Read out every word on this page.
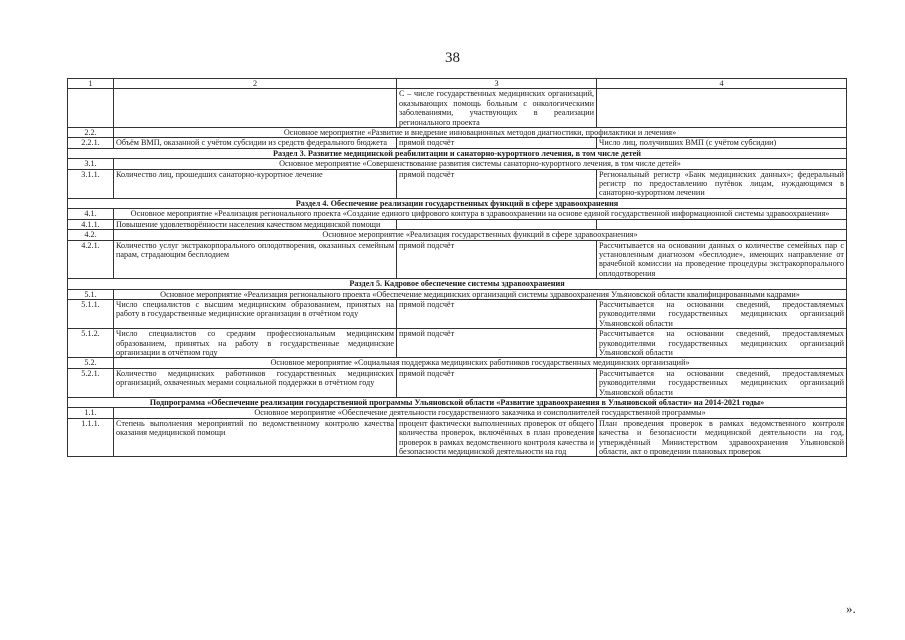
38
1	2	3	4
		С – числе государственных медицинских организаций, оказывающих помощь больным с онкологическими заболеваниями, участвующих в реализации регионального проекта	
2.2.	Основное мероприятие «Развитие и внедрение инновационных методов диагностики, профилактики и лечения»		
2.2.1.	Объём ВМП, оказанной с учётом субсидии из средств федерального бюджета	прямой подсчёт	Число лиц, получивших ВМП (с учётом субсидии)
Раздел 3. Развитие медицинской реабилитации и санаторно-курортного лечения, в том числе детей			
3.1.	Основное мероприятие «Совершенствование развития системы санаторно-курортного лечения, в том числе детей»		
3.1.1.	Количество лиц, прошедших санаторно-курортное лечение	прямой подсчёт	Региональный регистр «Банк медицинских данных»; федеральный регистр по предоставлению путёвок лицам, нуждающимся в санаторно-курортном лечении
Раздел 4. Обеспечение реализации государственных функций в сфере здравоохранения			
4.1.	Основное мероприятие «Реализация регионального проекта «Создание единого цифрового контура в здравоохранении на основе единой государственной информационной системы здравоохранения»		
4.1.1.	Повышение удовлетворённости населения качеством медицинской помощи		
4.2.	Основное мероприятие «Реализация государственных функций в сфере здравоохранения»		
4.2.1.	Количество услуг экстракорпорального оплодотворения, оказанных семейным парам, страдающим бесплодием	прямой подсчёт	Рассчитывается на основании данных о количестве семейных пар с установленным диагнозом «бесплодие», имеющих направление от врачебной комиссии на проведение процедуры экстракорпорального оплодотворения
Раздел 5. Кадровое обеспечение системы здравоохранения			
5.1.	Основное мероприятие «Реализация регионального проекта «Обеспечение медицинских организаций системы здравоохранения Ульяновской области квалифицированными кадрами»		
5.1.1.	Число специалистов с высшим медицинским образованием, принятых на работу в государственные медицинские организации в отчётном году	прямой подсчёт	Рассчитывается на основании сведений, предоставляемых руководителями государственных медицинских организаций Ульяновской области
5.1.2.	Число специалистов со средним профессиональным медицинским образованием, принятых на работу в государственные медицинские организации в отчётном году	прямой подсчёт	Рассчитывается на основании сведений, предоставляемых руководителями государственных медицинских организаций Ульяновской области
5.2.	Основное мероприятие «Социальная поддержка медицинских работников государственных медицинских организаций»		
5.2.1.	Количество медицинских работников государственных медицинских организаций, охваченных мерами социальной поддержки в отчётном году	прямой подсчёт	Рассчитывается на основании сведений, предоставляемых руководителями государственных медицинских организаций Ульяновской области
Подпрограмма «Обеспечение реализации государственной программы Ульяновской области «Развитие здравоохранения в Ульяновской области» на 2014-2021 годы»			
1.1.	Основное мероприятие «Обеспечение деятельности государственного заказчика и соисполнителей государственной программы»		
1.1.1.	Степень выполнения мероприятий по ведомственному контролю качества оказания медицинской помощи	процент фактически выполненных проверок от общего количества проверок, включённых в план проведения проверок в рамках ведомственного контроля качества и безопасности медицинской деятельности на год	План проведения проверок в рамках ведомственного контроля качества и безопасности медицинской деятельности на год, утверждённый Министерством здравоохранения Ульяновской области, акт о проведении плановых проверок
».
